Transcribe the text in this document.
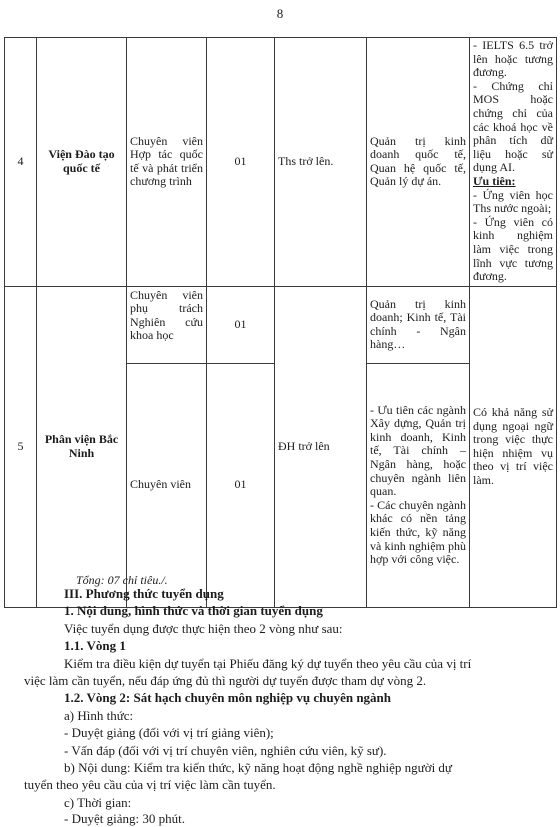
8
4	Viện Đào tạo quốc tế	Chuyên viên Hợp tác quốc tế và phát triển chương trình	01	Ths trở lên.	Quản trị kinh doanh quốc tế, Quan hệ quốc tế, Quản lý dự án.	- IELTS 6.5 trở lên hoặc tương đương.
- Chứng chỉ MOS hoặc chứng chỉ của các khoá học về phân tích dữ liệu hoặc sử dụng AI.
Ưu tiên:
- Ứng viên học Ths nước ngoài;
- Ứng viên có kinh nghiệm làm việc trong lĩnh vực tương đương.

5	Phân viện Bắc Ninh	Chuyên viên phụ trách Nghiên cứu khoa học	01	ĐH trở lên	Quản trị kinh doanh; Kinh tế, Tài chính - Ngân hàng…	Có khả năng sử dụng ngoại ngữ trong việc thực hiện nhiệm vụ theo vị trí việc làm.
		Chuyên viên	01		- Ưu tiên các ngành Xây dựng, Quản trị kinh doanh, Kinh tế, Tài chính – Ngân hàng, hoặc chuyên ngành liên quan.
- Các chuyên ngành khác có nền tảng kiến thức, kỹ năng và kinh nghiệm phù hợp với công việc.	
Tổng: 07 chỉ tiêu./.
III. Phương thức tuyển dụng
1. Nội dung, hình thức và thời gian tuyển dụng
Việc tuyển dụng được thực hiện theo 2 vòng như sau:
1.1. Vòng 1
Kiểm tra điều kiện dự tuyển tại Phiếu đăng ký dự tuyển theo yêu cầu của vị trí
việc làm cần tuyển, nếu đáp ứng đủ thì người dự tuyển được tham dự vòng 2.
1.2. Vòng 2: Sát hạch chuyên môn nghiệp vụ chuyên ngành
a) Hình thức:
- Duyệt giảng (đối với vị trí giảng viên);
- Vấn đáp (đối với vị trí chuyên viên, nghiên cứu viên, kỹ sư).
b) Nội dung: Kiểm tra kiến thức, kỹ năng hoạt động nghề nghiệp người dự
tuyển theo yêu cầu của vị trí việc làm cần tuyển.
c) Thời gian:
- Duyệt giảng: 30 phút.
